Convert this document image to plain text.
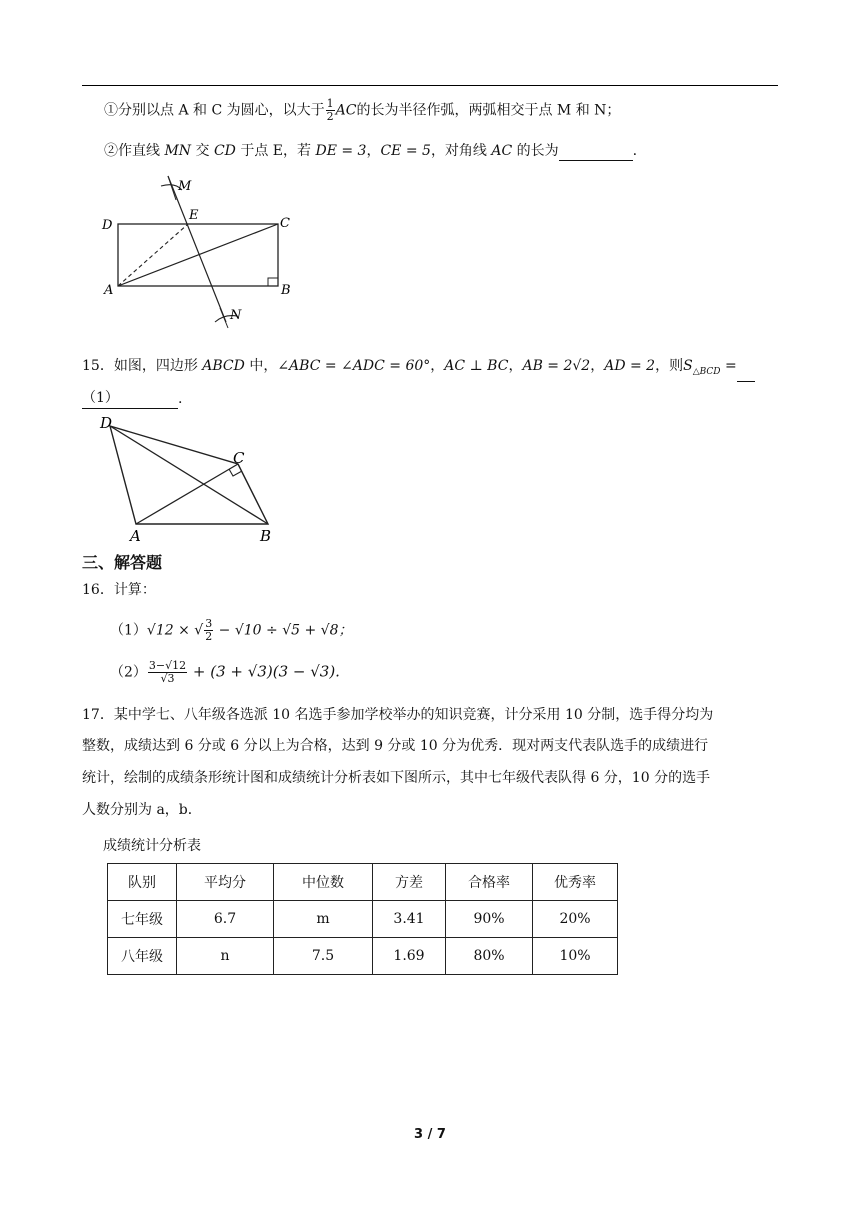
①分别以点 A 和 C 为圆心，以大于 $\frac{1}{2}$ AC的长为半径作弧，两弧相交于点 M 和 N；
②作直线 MN 交 CD 于点 E，若 DE = 3，CE = 5，对角线 AC 的长为	.
M
D
E
C
A	B
N
15．如图，四边形 ABCD 中，∠ABC = ∠ADC = 60°，AC ⊥ BC，AB = 2√2，AD = 2，则$S_{\triangle BCD}$ =
（1）	.
D
C
A	B
三、解答题
16．计算：
（1）√12 × √ $\frac{3}{2} - √10 \div √5 + √8$；
$(2) \frac{3-√12}{√3} + (3 + √3)(3 - √3)$.
17．某中学七、八年级各选派 10 名选手参加学校举办的知识竞赛，计分采用 10 分制，选手得分均为
整数，成绩达到 6 分或 6 分以上为合格，达到 9 分或 10 分为优秀．现对两支代表队选手的成绩进行
统计，绘制的成绩条形统计图和成绩统计分析表如下图所示，其中七年级代表队得 6 分，10 分的选手
人数分别为 a，b．
成绩统计分析表
队别	平均分	中位数	方差	合格率	优秀率
七年级	6.7	m	3.41	90%	20%
八年级	n	7.5	1.69	80%	10%
3 / 7
